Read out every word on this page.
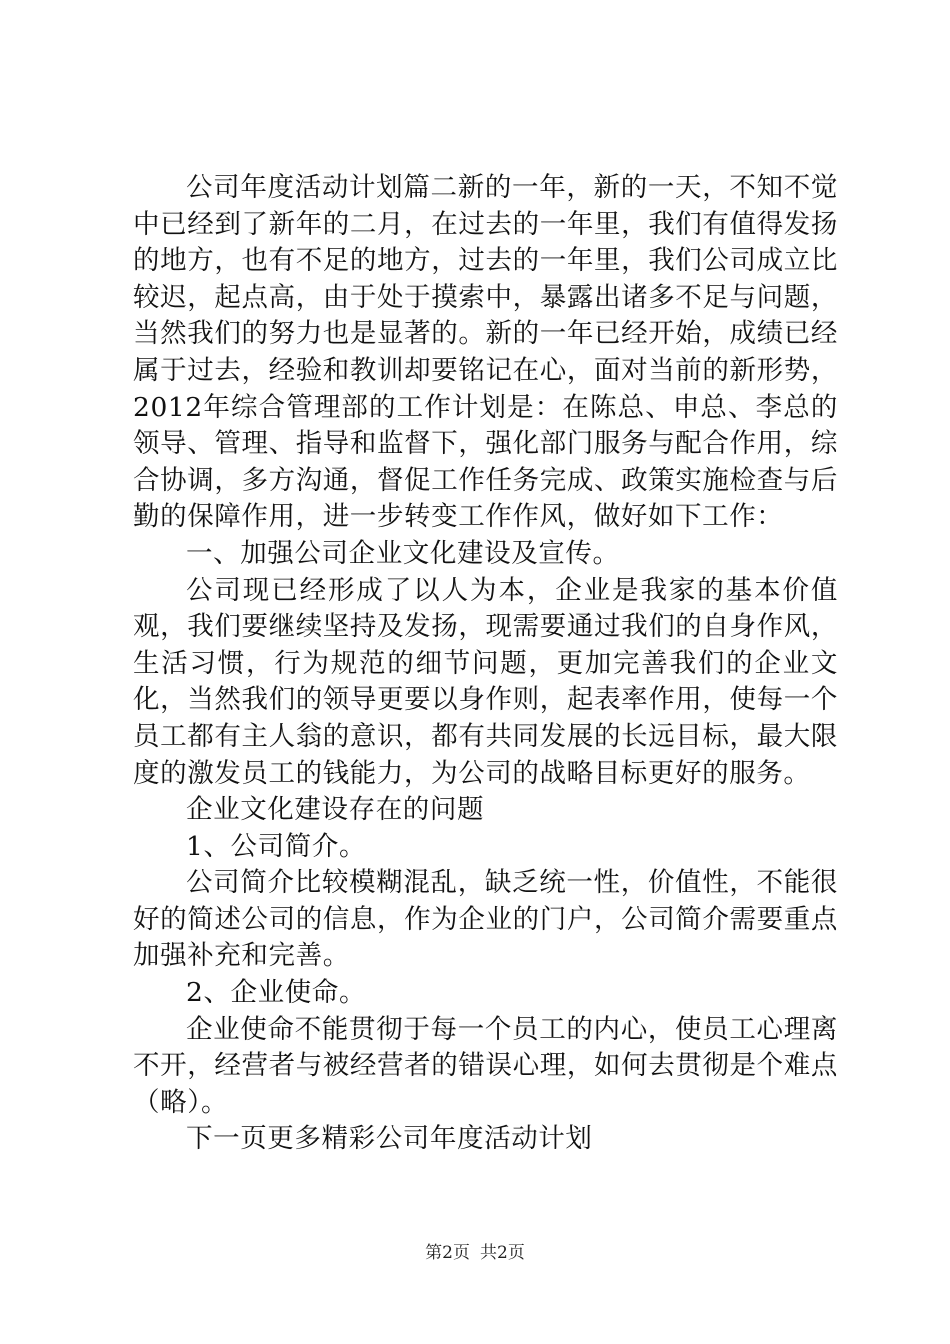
公司年度活动计划篇二新的一年，新的一天，不知不觉中已经到了新年的二月，在过去的一年里，我们有值得发扬的地方，也有不足的地方，过去的一年里，我们公司成立比较迟，起点高，由于处于摸索中，暴露出诸多不足与问题，当然我们的努力也是显著的。新的一年已经开始，成绩已经属于过去，经验和教训却要铭记在心，面对当前的新形势，2012年综合管理部的工作计划是：在陈总、申总、李总的领导、管理、指导和监督下，强化部门服务与配合作用，综合协调，多方沟通，督促工作任务完成、政策实施检查与后勤的保障作用，进一步转变工作作风，做好如下工作：

一、加强公司企业文化建设及宣传。

公司现已经形成了以人为本，企业是我家的基本价值观，我们要继续坚持及发扬，现需要通过我们的自身作风，生活习惯，行为规范的细节问题，更加完善我们的企业文化，当然我们的领导更要以身作则，起表率作用，使每一个员工都有主人翁的意识，都有共同发展的长远目标，最大限度的激发员工的钱能力，为公司的战略目标更好的服务。

企业文化建设存在的问题

1、公司简介。

公司简介比较模糊混乱，缺乏统一性，价值性，不能很好的简述公司的信息，作为企业的门户，公司简介需要重点加强补充和完善。

2、企业使命。

企业使命不能贯彻于每一个员工的内心，使员工心理离不开，经营者与被经营者的错误心理，如何去贯彻是个难点（略）。

下一页更多精彩公司年度活动计划

第2页 共2页
